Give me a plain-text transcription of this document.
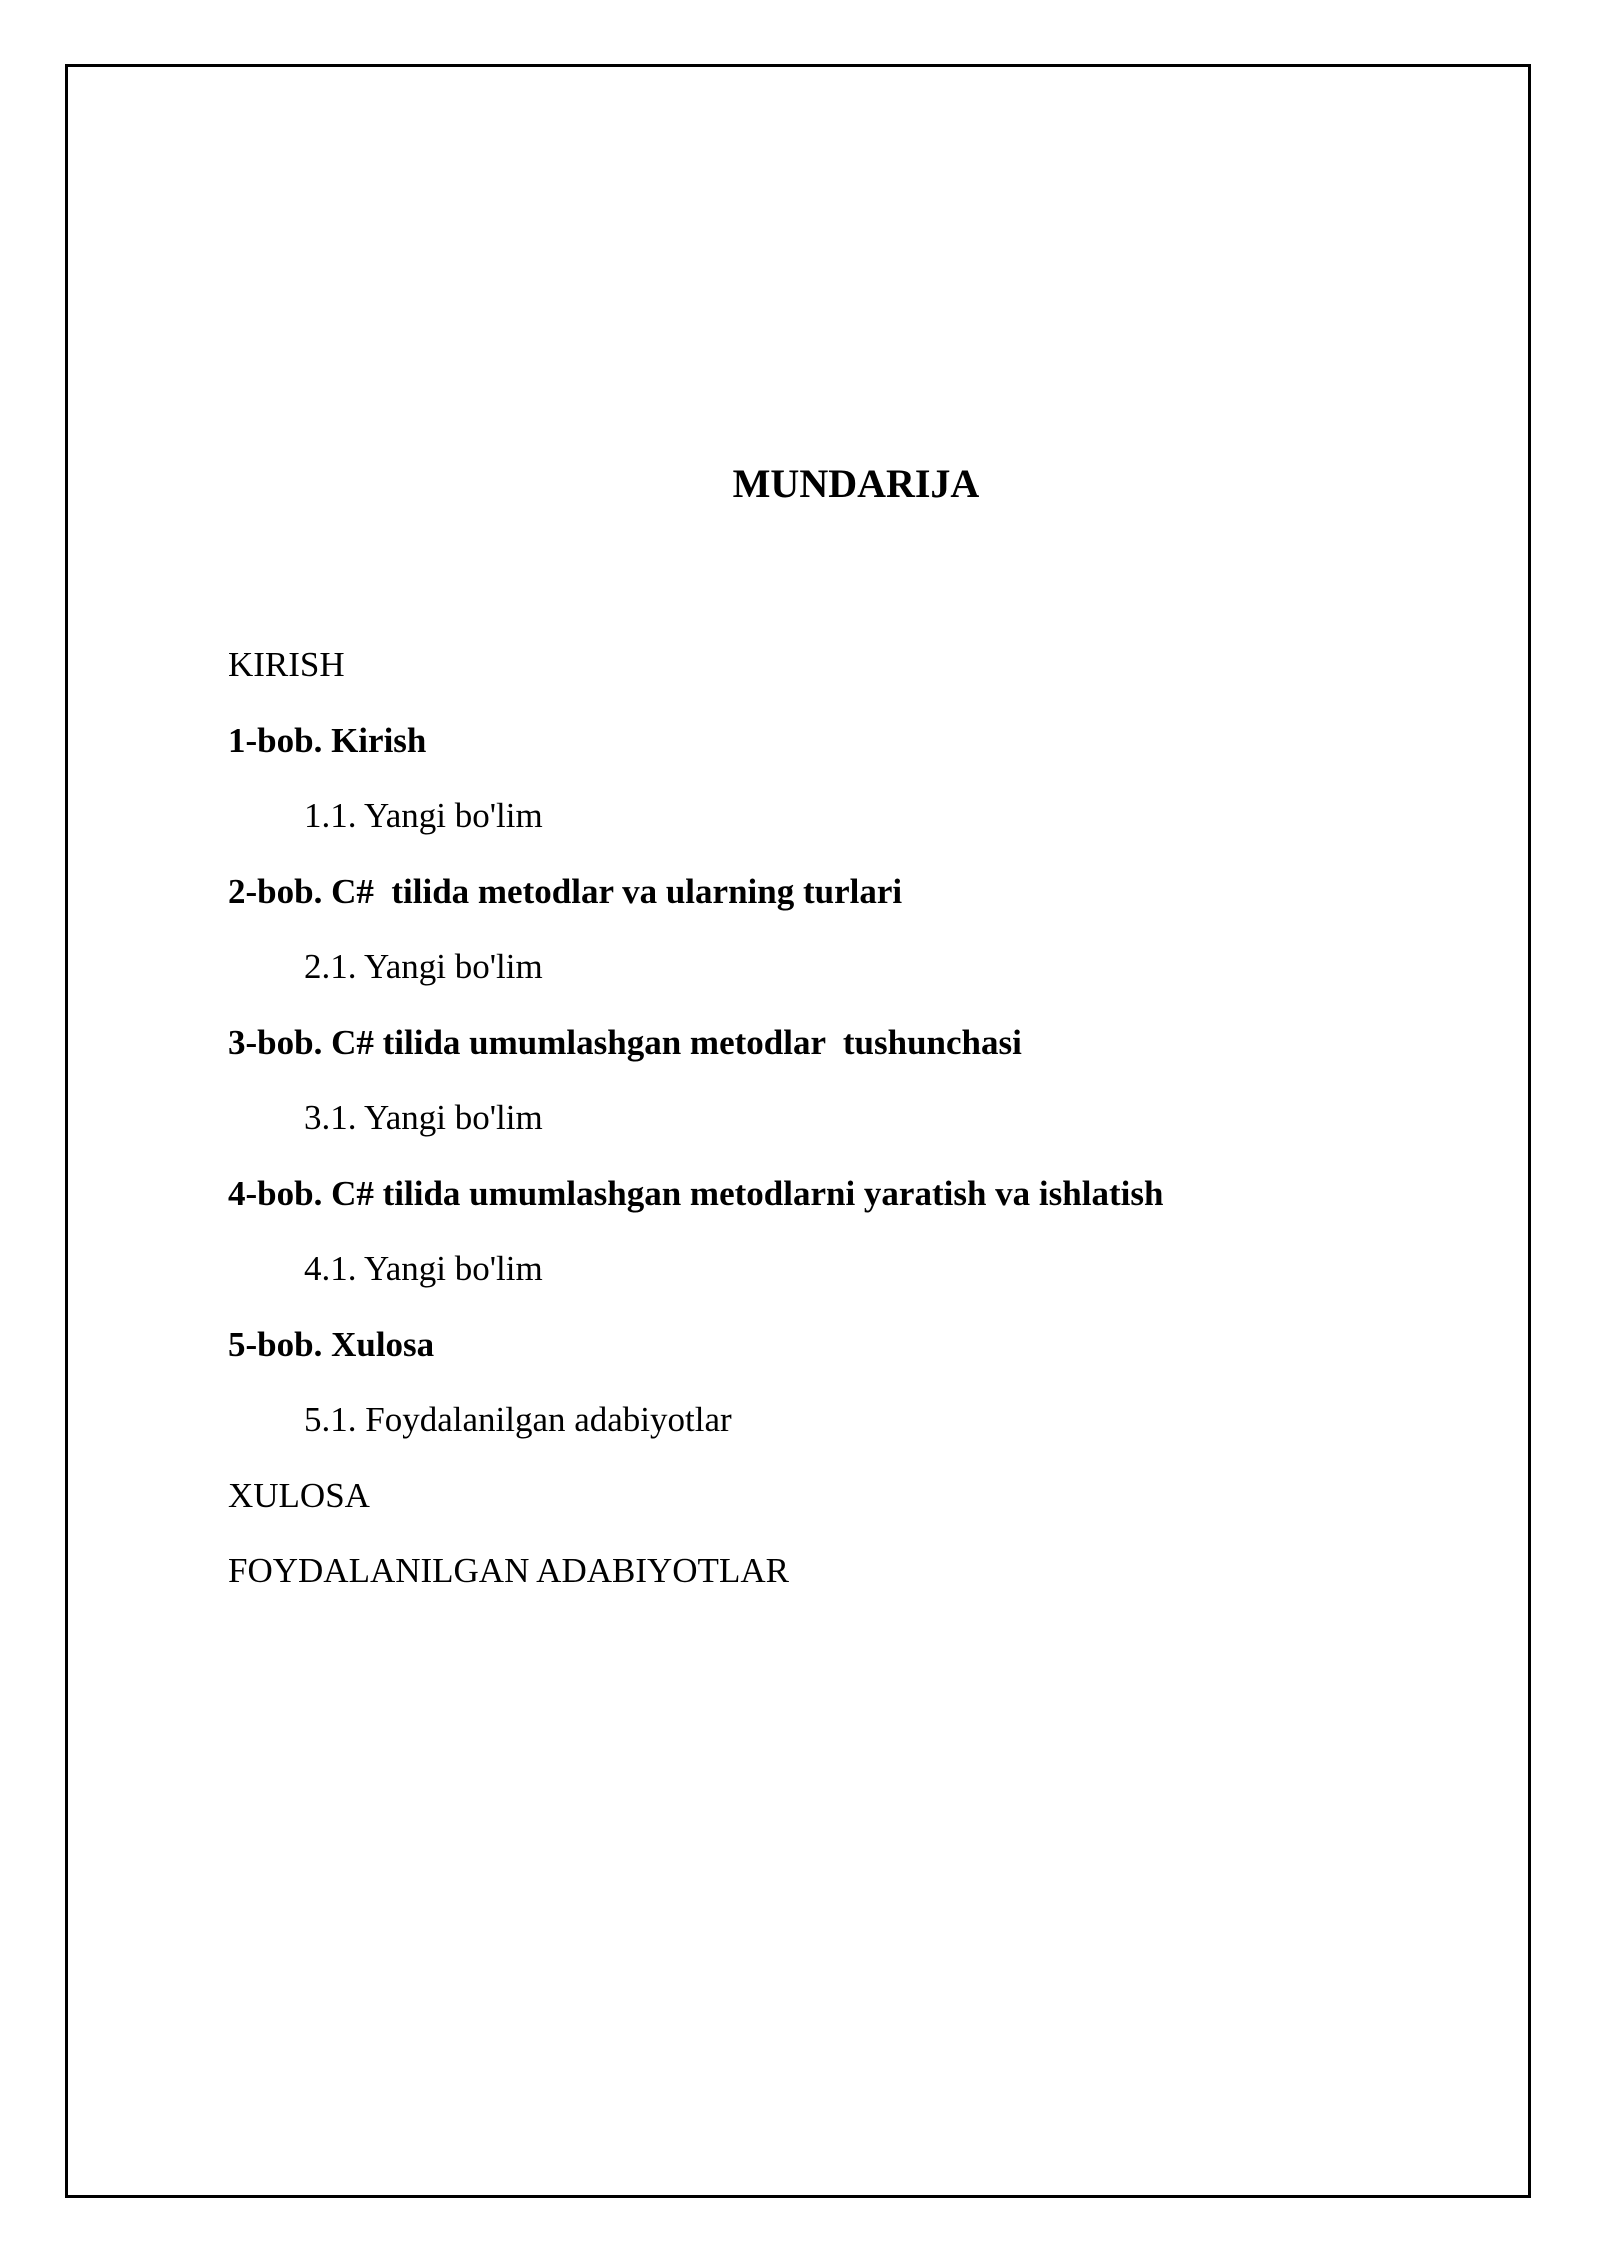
MUNDARIJA
KIRISH
1-bob. Kirish
1.1. Yangi bo'lim
2-bob. C#  tilida metodlar va ularning turlari
2.1. Yangi bo'lim
3-bob. C# tilida umumlashgan metodlar  tushunchasi
3.1. Yangi bo'lim
4-bob. C# tilida umumlashgan metodlarni yaratish va ishlatish
4.1. Yangi bo'lim
5-bob. Xulosa
5.1. Foydalanilgan adabiyotlar
XULOSA
FOYDALANILGAN ADABIYOTLAR
